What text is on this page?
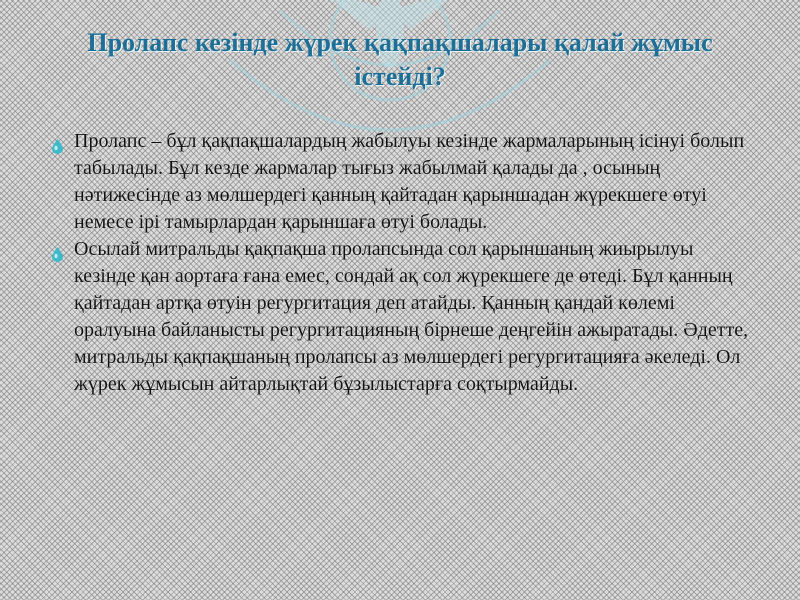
Пролапс кезінде жүрек қақпақшалары қалай жұмыс істейді?

Пролапс – бұл қақпақшалардың жабылуы кезінде жармаларының ісінуі болып табылады. Бұл кезде жармалар тығыз жабылмай қалады да , осының нәтижесінде аз мөлшердегі қанның қайтадан қарыншадан жүрекшеге өтуі немесе ірі тамырлардан қарыншаға өтуі болады.

Осылай митральды қақпақша пролапсында сол қарыншаның жиырылуы кезінде қан аортаға ғана емес, сондай ақ сол жүрекшеге де өтеді. Бұл қанның қайтадан артқа өтуін регургитация деп атайды. Қанның қандай көлемі оралуына байланысты регургитацияның бірнеше деңгейін ажыратады. Әдетте, митральды қақпақшаның пролапсы аз мөлшердегі регургитацияға әкеледі. Ол жүрек жұмысын айтарлықтай бұзылыстарға соқтырмайды.
